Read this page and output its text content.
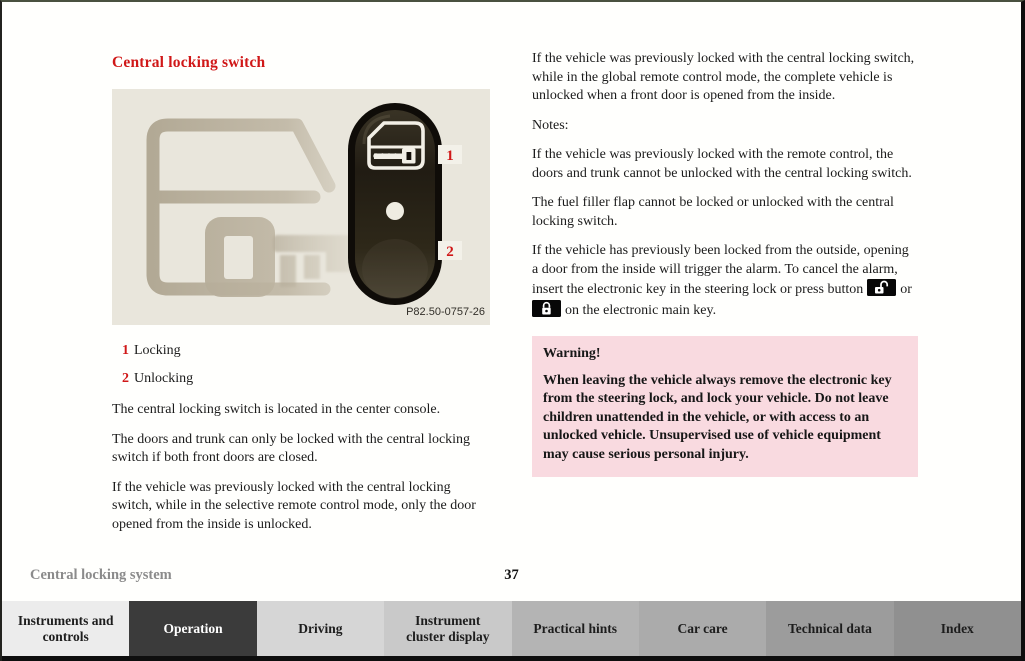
Central locking switch
1
2
P82.50-0757-26
1 Locking
2 Unlocking

The central locking switch is located in the center console.

The doors and trunk can only be locked with the central locking switch if both front doors are closed.

If the vehicle was previously locked with the central locking switch, while in the selective remote control mode, only the door opened from the inside is unlocked.

If the vehicle was previously locked with the central locking switch, while in the global remote control mode, the complete vehicle is unlocked when a front door is opened from the inside.

Notes:

If the vehicle was previously locked with the remote control, the doors and trunk cannot be unlocked with the central locking switch.

The fuel filler flap cannot be locked or unlocked with the central locking switch.

If the vehicle has previously been locked from the outside, opening a door from the inside will trigger the alarm. To cancel the alarm, insert the electronic key in the steering lock or press button	oron the electronic main key.

Warning!

When leaving the vehicle always remove the electronic key from the steering lock, and lock your vehicle. Do not leave children unattended in the vehicle, or with access to an unlocked vehicle. Unsupervised use of vehicle equipment may cause serious personal injury.

Central locking system	37
Instruments and controls
Operation	Driving
Instrument cluster display
Practical hints	Car care	Technical data	Index
